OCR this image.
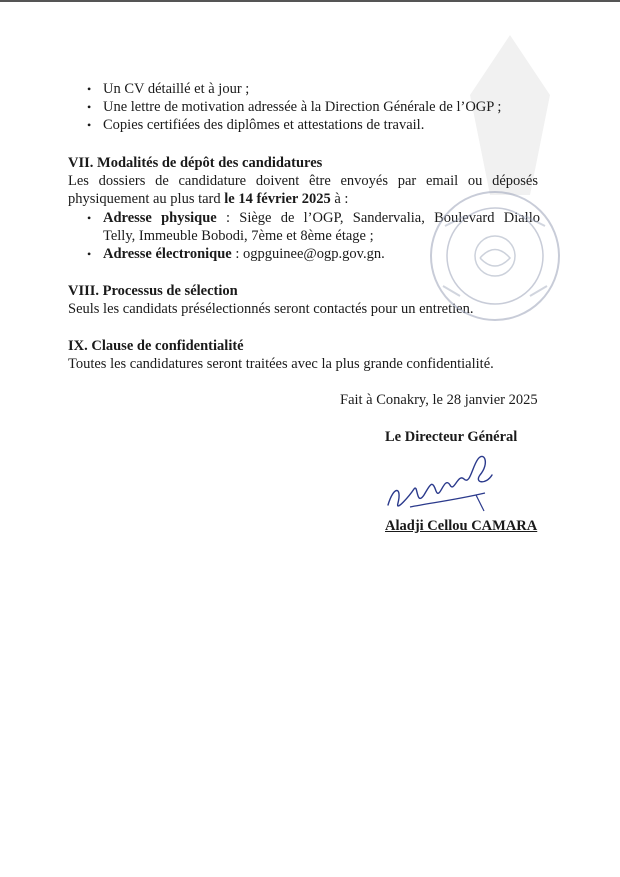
• Un CV détaillé et à jour ;
• Une lettre de motivation adressée à la Direction Générale de l’OGP ;
• Copies certifiées des diplômes et attestations de travail.
VII. Modalités de dépôt des candidatures
Les dossiers de candidature doivent être envoyés par email ou déposés
physiquement au plus tard le 14 février 2025 à :
• Adresse physique : Siège de l’OGP, Sandervalia, Boulevard Diallo
Telly, Immeuble Bobodi, 7ème et 8ème étage ;
• Adresse électronique : ogpguinee@ogp.gov.gn.
VIII. Processus de sélection
Seuls les candidats présélectionnés seront contactés pour un entretien.
IX. Clause de confidentialité
Toutes les candidatures seront traitées avec la plus grande confidentialité.
Fait à Conakry, le 28 janvier 2025
Le Directeur Général
Aladji Cellou CAMARA
